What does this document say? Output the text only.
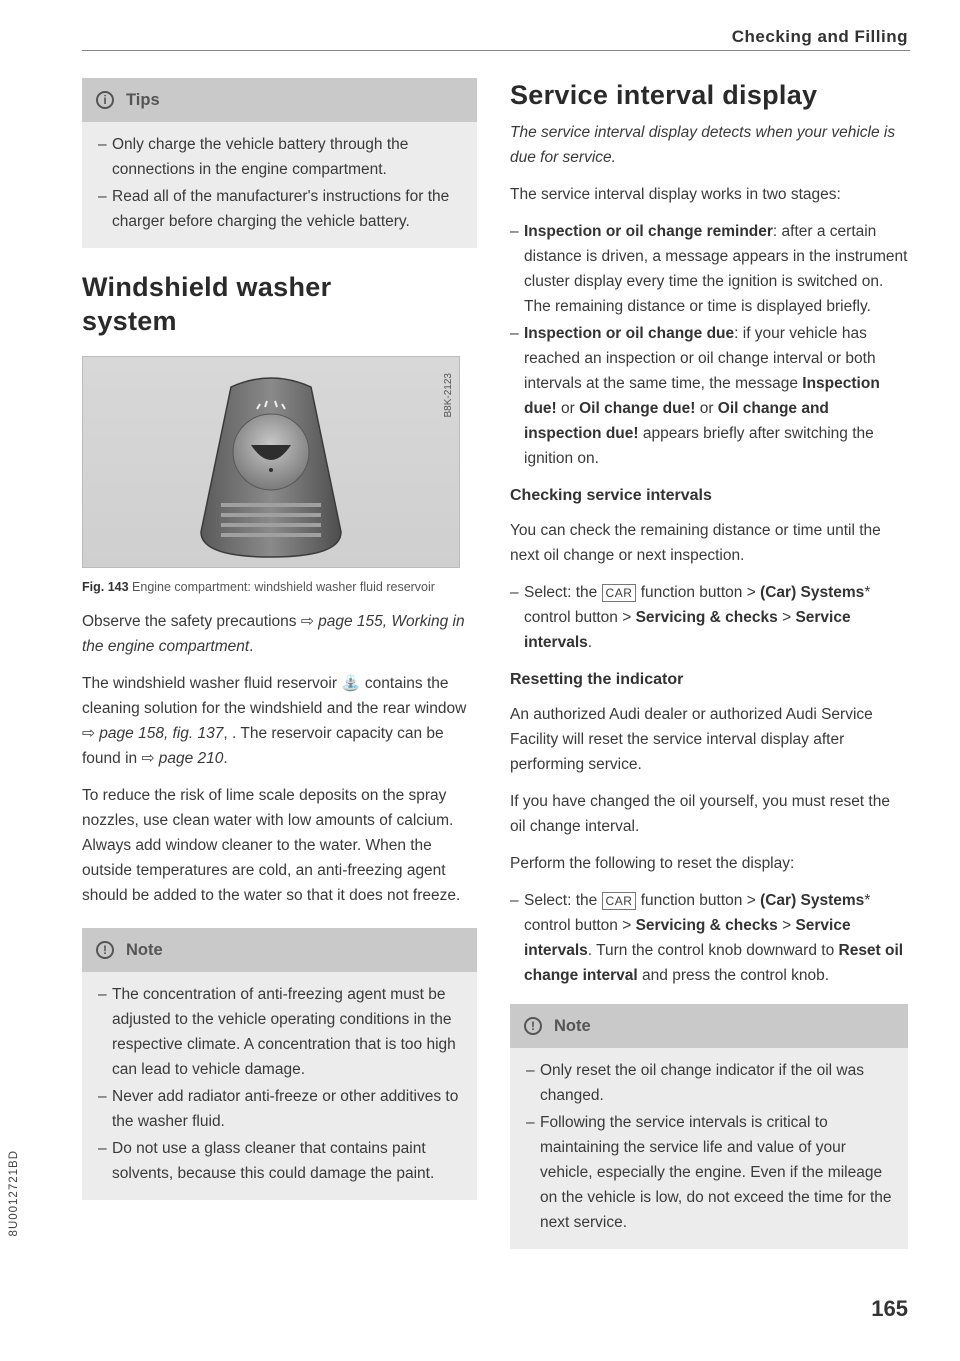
Checking and Filling
i	Tips
– Only charge the vehicle battery through the connections in the engine compartment.
– Read all of the manufacturer's instructions for the charger before charging the vehicle battery.
Windshield washer
system
B8K-2123
Fig. 143 Engine compartment: windshield washer fluid reservoir

Observe the safety precautions ⇨ page 155, Working in the engine compartment.

The windshield washer fluid reservoir ⛲ contains the cleaning solution for the windshield and the rear window ⇨ page 158, fig. 137, . The reservoir capacity can be found in ⇨ page 210.

To reduce the risk of lime scale deposits on the spray nozzles, use clean water with low amounts of calcium. Always add window cleaner to the water. When the outside temperatures are cold, an anti-freezing agent should be added to the water so that it does not freeze.

!	Note
– The concentration of anti-freezing agent must be adjusted to the vehicle operating conditions in the respective climate. A concentration that is too high can lead to vehicle damage.
– Never add radiator anti-freeze or other additives to the washer fluid.
– Do not use a glass cleaner that contains paint solvents, because this could damage the paint.
Service interval display

The service interval display detects when your vehicle is due for service.

The service interval display works in two stages:

– Inspection or oil change reminder: after a certain distance is driven, a message appears in the instrument cluster display every time the ignition is switched on. The remaining distance or time is displayed briefly.
– Inspection or oil change due: if your vehicle has reached an inspection or oil change interval or both intervals at the same time, the message Inspection due! or Oil change due! or Oil change and inspection due! appears briefly after switching the ignition on.
Checking service intervals

You can check the remaining distance or time until the next oil change or next inspection.

– Select: the CAR function button > (Car) Systems* control button > Servicing & checks > Service intervals.
Resetting the indicator

An authorized Audi dealer or authorized Audi Service Facility will reset the service interval display after performing service.

If you have changed the oil yourself, you must reset the oil change interval.

Perform the following to reset the display:

– Select: the CAR function button > (Car) Systems* control button > Servicing & checks > Service intervals. Turn the control knob downward to Reset oil change interval and press the control knob.
!	Note
– Only reset the oil change indicator if the oil was changed.
– Following the service intervals is critical to maintaining the service life and value of your vehicle, especially the engine. Even if the mileage on the vehicle is low, do not exceed the time for the next service.
8U0012721BD
165
